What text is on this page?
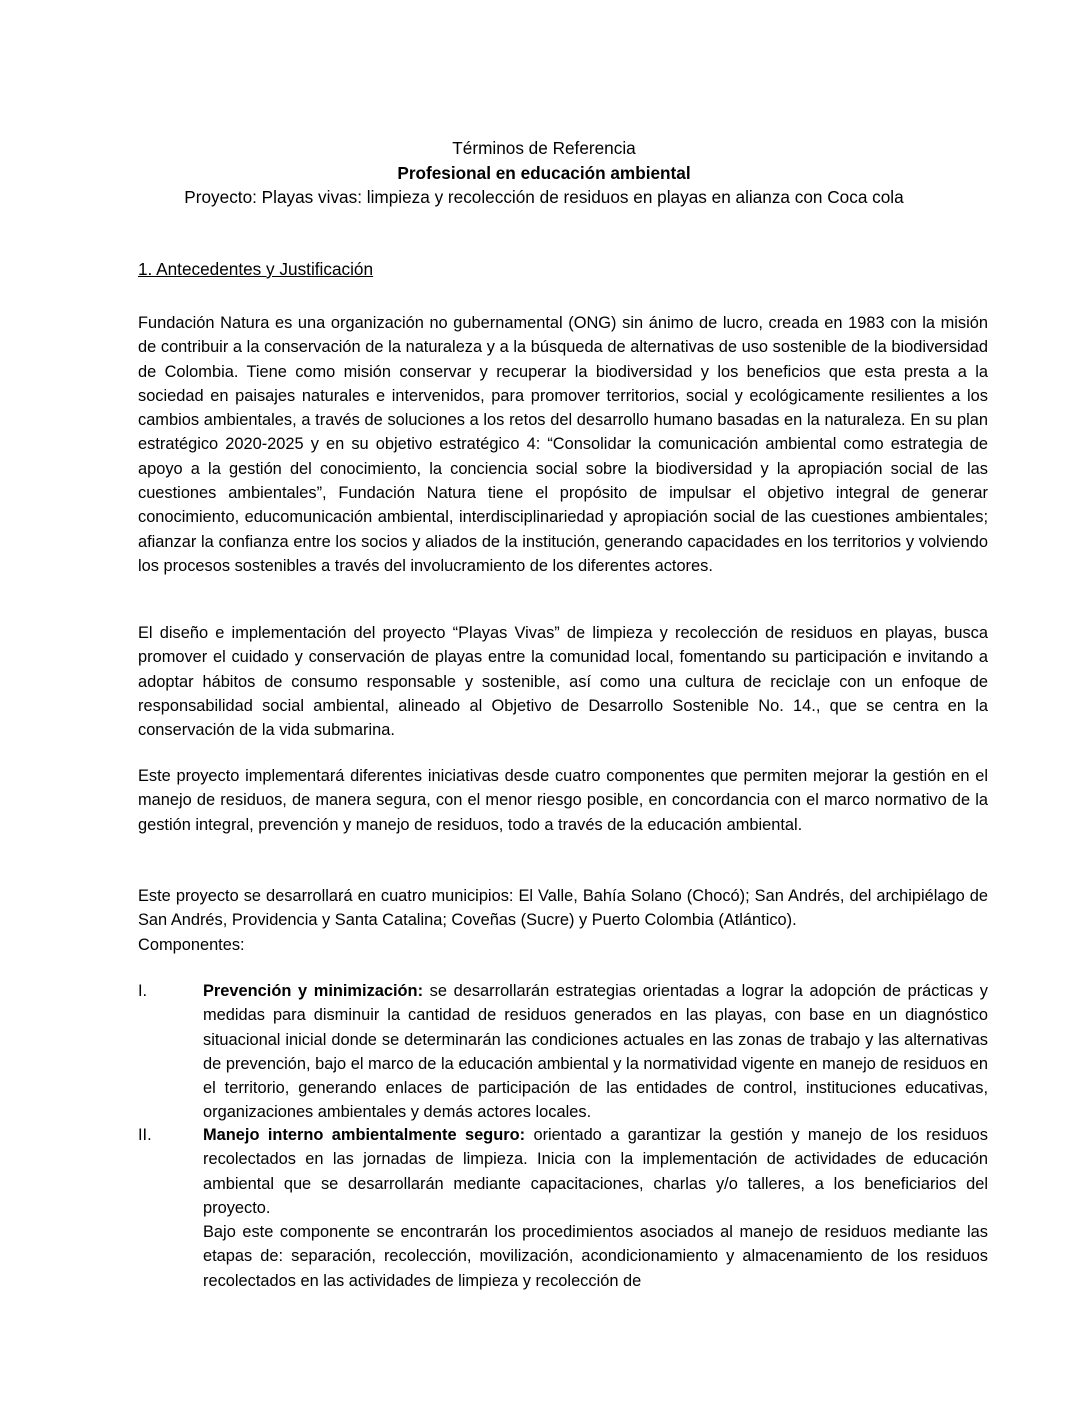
Términos de Referencia
Profesional en educación ambiental
Proyecto: Playas vivas: limpieza y recolección de residuos en playas en alianza con Coca cola
1. Antecedentes y Justificación

Fundación Natura es una organización no gubernamental (ONG) sin ánimo de lucro, creada en 1983 con la misión de contribuir a la conservación de la naturaleza y a la búsqueda de alternativas de uso sostenible de la biodiversidad de Colombia. Tiene como misión conservar y recuperar la biodiversidad y los beneficios que esta presta a la sociedad en paisajes naturales e intervenidos, para promover territorios, social y ecológicamente resilientes a los cambios ambientales, a través de soluciones a los retos del desarrollo humano basadas en la naturaleza. En su plan estratégico 2020-2025 y en su objetivo estratégico 4: “Consolidar la comunicación ambiental como estrategia de apoyo a la gestión del conocimiento, la conciencia social sobre la biodiversidad y la apropiación social de las cuestiones ambientales”, Fundación Natura tiene el propósito de impulsar el objetivo integral de generar conocimiento, educomunicación ambiental, interdisciplinariedad y apropiación social de las cuestiones ambientales; afianzar la confianza entre los socios y aliados de la institución, generando capacidades en los territorios y volviendo los procesos sostenibles a través del involucramiento de los diferentes actores.

El diseño e implementación del proyecto “Playas Vivas” de limpieza y recolección de residuos en playas, busca promover el cuidado y conservación de playas entre la comunidad local, fomentando su participación e invitando a adoptar hábitos de consumo responsable y sostenible, así como una cultura de reciclaje con un enfoque de responsabilidad social ambiental, alineado al Objetivo de Desarrollo Sostenible No. 14., que se centra en la conservación de la vida submarina.

Este proyecto implementará diferentes iniciativas desde cuatro componentes que permiten mejorar la gestión en el manejo de residuos, de manera segura, con el menor riesgo posible, en concordancia con el marco normativo de la gestión integral, prevención y manejo de residuos, todo a través de la educación ambiental.

Este proyecto se desarrollará en cuatro municipios: El Valle, Bahía Solano (Chocó); San Andrés, del archipiélago de San Andrés, Providencia y Santa Catalina; Coveñas (Sucre) y Puerto Colombia (Atlántico).

Componentes:

I.	Prevención y minimización: se desarrollarán estrategias orientadas a lograr la adopción de prácticas y medidas para disminuir la cantidad de residuos generados en las playas, con base en un diagnóstico situacional inicial donde se determinarán las condiciones actuales en las zonas de trabajo y las alternativas de prevención, bajo el marco de la educación ambiental y la normatividad vigente en manejo de residuos en el territorio, generando enlaces de participación de las entidades de control, instituciones educativas, organizaciones ambientales y demás actores locales.

II.	Manejo interno ambientalmente seguro: orientado a garantizar la gestión y manejo de los residuos recolectados en las jornadas de limpieza. Inicia con la implementación de actividades de educación ambiental que se desarrollarán mediante capacitaciones, charlas y/o talleres, a los beneficiarios del proyecto.

Bajo este componente se encontrarán los procedimientos asociados al manejo de residuos mediante las etapas de: separación, recolección, movilización, acondicionamiento y almacenamiento de los residuos recolectados en las actividades de limpieza y recolección de
